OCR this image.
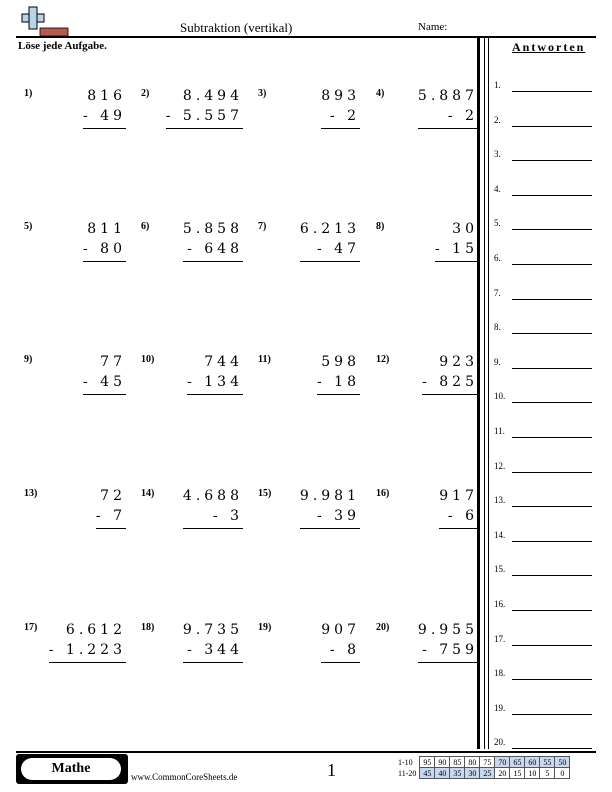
Subtraktion (vertikal)	Name:
Löse jede Aufgabe.
1)	816
- 49
2) 8.494
- 5.557
3)	893
- 2
4) 5.887
- 2
5)	811
- 80
6) 5.858
- 648
7) 6.213
- 47
8)	30
- 15
9)	77
- 45
10)	744
- 134
11)	598
- 18
12)	923
- 825
13)	72
- 7
14) 4.688
- 3
15) 9.981
- 39
16)	917
- 6
17) 6.612
- 1.223
18) 9.735
- 344
19)	907
- 8
20) 9.955
- 759
Antworten
1.
2.
3.
4.
5.
6.
7.
8.
9.
10.
11.
12.
13.
14.
15.
16.
17.
18.
19.
20.
Mathe
www.CommonCoreSheets.de	1	1-10	95	90	85	80	75	70	65	60	55	50
11-20	45	40	35	30	25	20	15	10	5	0
